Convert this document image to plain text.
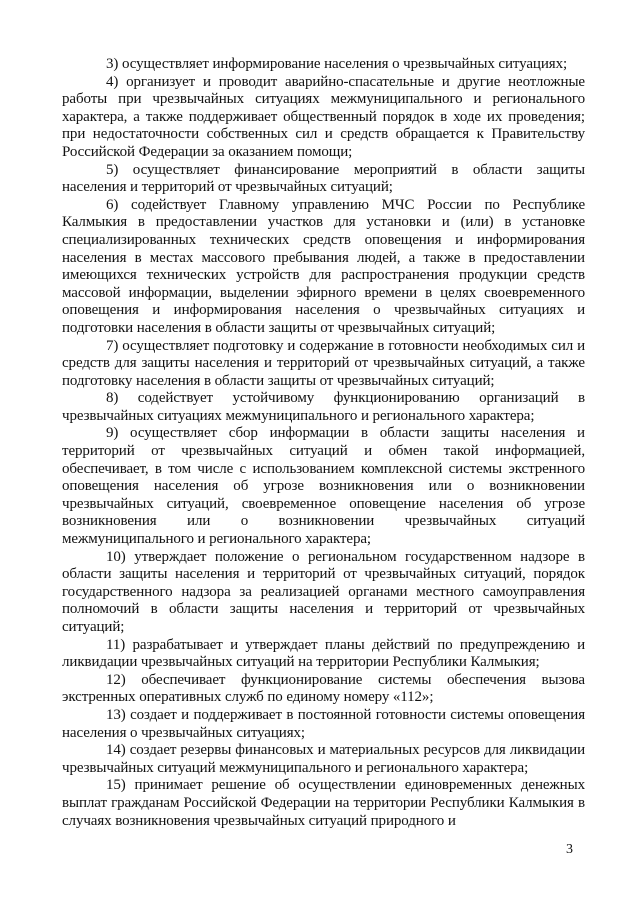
3) осуществляет информирование населения о чрезвычайных ситуациях;

4) организует и проводит аварийно-спасательные и другие неотложные работы при чрезвычайных ситуациях межмуниципального и регионального характера, а также поддерживает общественный порядок в ходе их проведения; при недостаточности собственных сил и средств обращается к Правительству Российской Федерации за оказанием помощи;

5) осуществляет финансирование мероприятий в области защиты населения и территорий от чрезвычайных ситуаций;

6) содействует Главному управлению МЧС России по Республике Калмыкия в предоставлении участков для установки и (или) в установке специализированных технических средств оповещения и информирования населения в местах массового пребывания людей, а также в предоставлении имеющихся технических устройств для распространения продукции средств массовой информации, выделении эфирного времени в целях своевременного оповещения и информирования населения о чрезвычайных ситуациях и подготовки населения в области защиты от чрезвычайных ситуаций;

7) осуществляет подготовку и содержание в готовности необходимых сил и средств для защиты населения и территорий от чрезвычайных ситуаций, а также подготовку населения в области защиты от чрезвычайных ситуаций;

8) содействует устойчивому функционированию организаций в чрезвычайных ситуациях межмуниципального и регионального характера;

9) осуществляет сбор информации в области защиты населения и территорий от чрезвычайных ситуаций и обмен такой информацией, обеспечивает, в том числе с использованием комплексной системы экстренного оповещения населения об угрозе возникновения или о возникновении чрезвычайных ситуаций, своевременное оповещение населения об угрозе возникновения или о возникновении чрезвычайных ситуаций межмуниципального и регионального характера;

10) утверждает положение о региональном государственном надзоре в области защиты населения и территорий от чрезвычайных ситуаций, порядок государственного надзора за реализацией органами местного самоуправления полномочий в области защиты населения и территорий от чрезвычайных ситуаций;

11) разрабатывает и утверждает планы действий по предупреждению и ликвидации чрезвычайных ситуаций на территории Республики Калмыкия;

12) обеспечивает функционирование системы обеспечения вызова экстренных оперативных служб по единому номеру «112»;

13) создает и поддерживает в постоянной готовности системы оповещения населения о чрезвычайных ситуациях;

14) создает резервы финансовых и материальных ресурсов для ликвидации чрезвычайных ситуаций межмуниципального и регионального характера;

15) принимает решение об осуществлении единовременных денежных выплат гражданам Российской Федерации на территории Республики Калмыкия в случаях возникновения чрезвычайных ситуаций природного и

3
